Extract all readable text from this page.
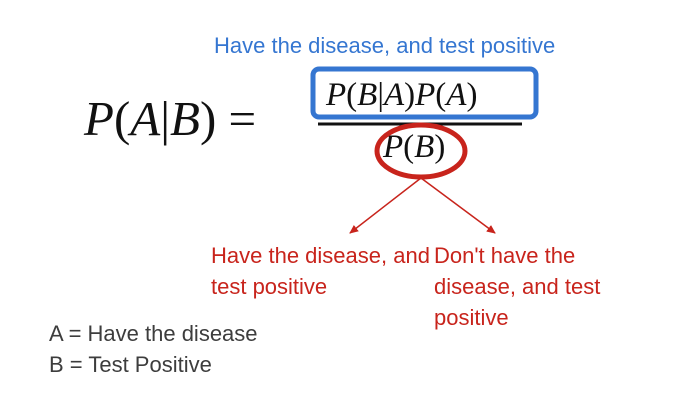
Have the disease, and test positive
P(A|B) = P(B|A)P(A)
P(B)
Have the disease, and test positive
Don't have the disease, and test positive
A = Have the disease
B = Test Positive
